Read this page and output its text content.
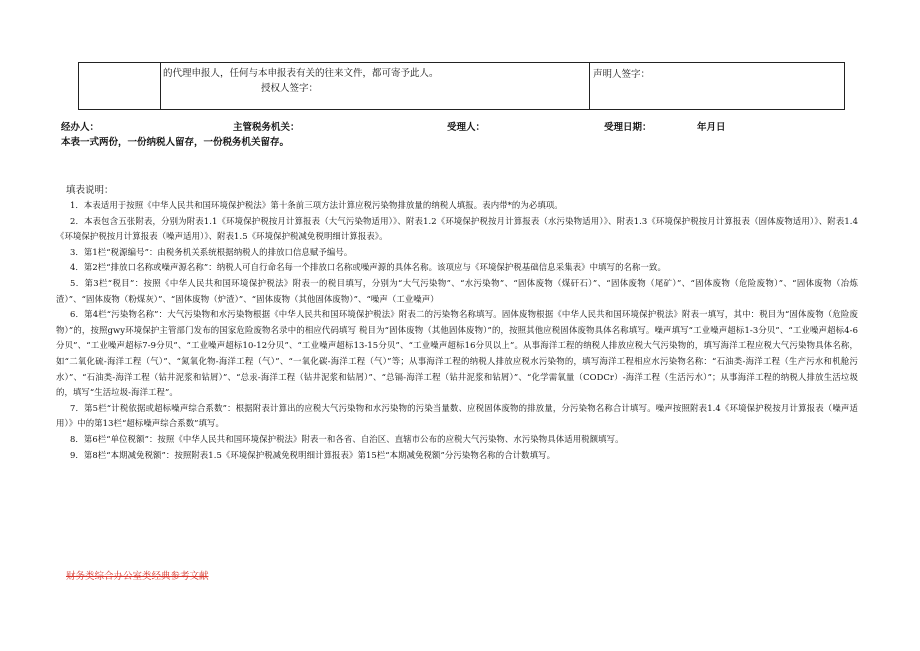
的代理申报人，任何与本申报表有关的往来文件，都可寄予此人。
授权人签字：
声明人签字：
经办人：	主管税务机关：	受理人：	受理日期：	年月日
本表一式两份，一份纳税人留存，一份税务机关留存。
填表说明：

1．本表适用于按照《中华人民共和国环境保护税法》第十条前三项方法计算应税污染物排放量的纳税人填报。表内带*的为必填项。

2．本表包含五张附表，分别为附表1.1《环境保护税按月计算报表（大气污染物适用）》、附表1.2《环境保护税按月计算报表（水污染物适用）》、附表1.3《环境保护税按月计算报表（固体废物适用）》、附表1.4《环境保护税按月计算报表（噪声适用）》、附表1.5《环境保护税减免税明细计算报表》。

3．第1栏“税源编号”：由税务机关系统根据纳税人的排放口信息赋予编号。

4．第2栏“排放口名称或噪声源名称”：纳税人可自行命名每一个排放口名称或噪声源的具体名称。该项应与《环境保护税基础信息采集表》中填写的名称一致。

5．第3栏“税目”：按照《中华人民共和国环境保护税法》附表一的税目填写，分别为“大气污染物”、“水污染物”、“固体废物（煤矸石）”、“固体废物（尾矿）”、“固体废物（危险废物）”、“固体废物（冶炼渣）”、“固体废物（粉煤灰）”、“固体废物（炉渣）”、“固体废物（其他固体废物）”、“噪声（工业噪声）

6．第4栏“污染物名称”：大气污染物和水污染物根据《中华人民共和国环境保护税法》附表二的污染物名称填写。固体废物根据《中华人民共和国环境保护税法》附表一填写，其中：税目为“固体废物（危险废物）”的，按照gwy环境保护主管部门发布的国家危险废物名录中的相应代码填写 税目为“固体废物（其他固体废物）”的，按照其他应税固体废物具体名称填写。噪声填写“工业噪声超标1-3分贝”、“工业噪声超标4-6分贝”、“工业噪声超标7-9分贝”、“工业噪声超标10-12分贝”、“工业噪声超标13-15分贝”、“工业噪声超标16分贝以上”。从事海洋工程的纳税人排放应税大气污染物的，填写海洋工程应税大气污染物具体名称，如“二氧化硫-海洋工程（气）”、“氮氧化物-海洋工程（气）”、“一氧化碳-海洋工程（气）”等；从事海洋工程的纳税人排放应税水污染物的，填写海洋工程相应水污染物名称：“石油类-海洋工程（生产污水和机舱污水）”、“石油类-海洋工程（钻井泥浆和钻屑）”、“总汞-海洋工程（钻井泥浆和钻屑）”、“总镉-海洋工程（钻井泥浆和钻屑）”、“化学需氧量（CODCr）-海洋工程（生活污水）”；从事海洋工程的纳税人排放生活垃圾的，填写“生活垃圾-海洋工程”。

7．第5栏“计税依据或超标噪声综合系数”：根据附表计算出的应税大气污染物和水污染物的污染当量数、应税固体废物的排放量，分污染物名称合计填写。噪声按照附表1.4《环境保护税按月计算报表（噪声适用）》中的第13栏“超标噪声综合系数”填写。

8．第6栏“单位税额”：按照《中华人民共和国环境保护税法》附表一和各省、自治区、直辖市公布的应税大气污染物、水污染物具体适用税额填写。

9．第8栏“本期减免税额”：按照附表1.5《环境保护税减免税明细计算报表》第15栏“本期减免税额”分污染物名称的合计数填写。

财务类综合办公室类经典参考文献
